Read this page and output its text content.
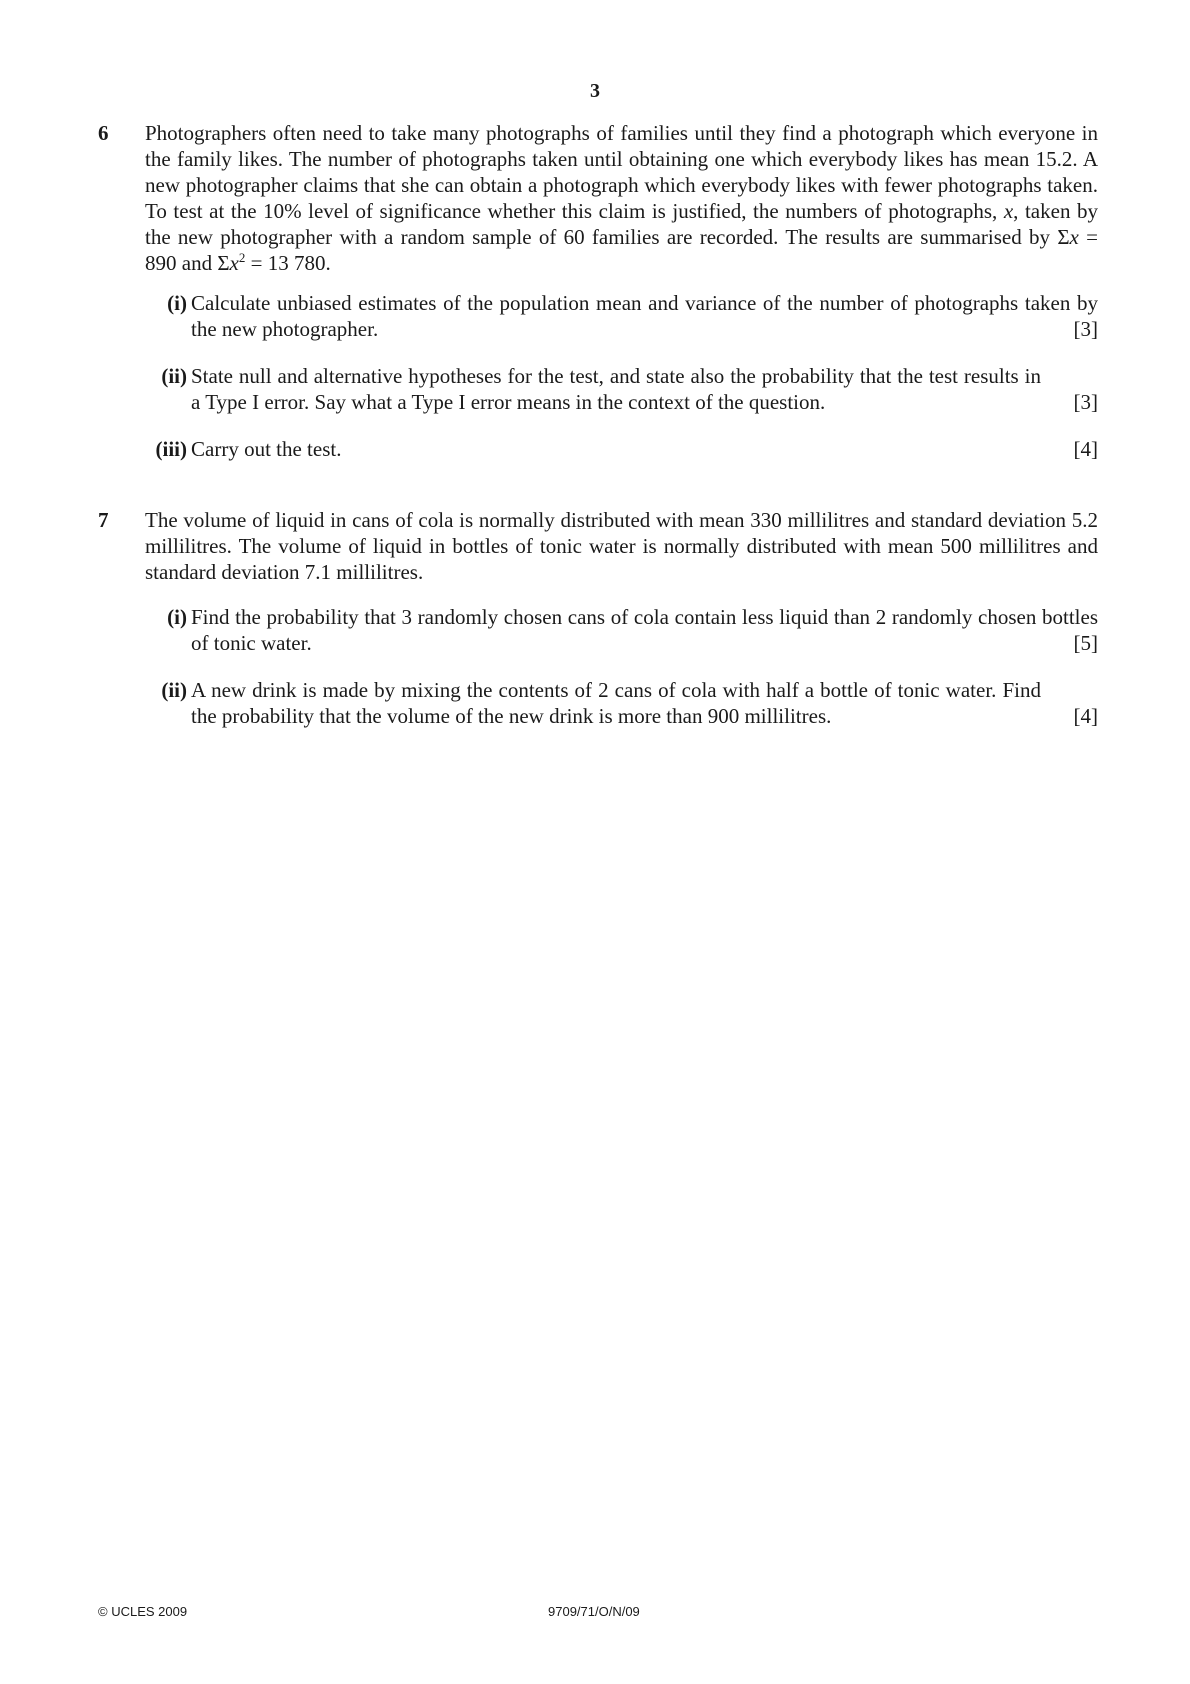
3
6 Photographers often need to take many photographs of families until they find a photograph which everyone in the family likes. The number of photographs taken until obtaining one which everybody likes has mean 15.2. A new photographer claims that she can obtain a photograph which everybody likes with fewer photographs taken. To test at the 10% level of significance whether this claim is justified, the numbers of photographs, x, taken by the new photographer with a random sample of 60 families are recorded. The results are summarised by Σx = 890 and $\Sigma x^2 = 13$ 780.
(i) Calculate unbiased estimates of the population mean and variance of the number of photographs taken by the new photographer.	[3]
(ii) State null and alternative hypotheses for the test, and state also the probability that the test results in a Type I error. Say what a Type I error means in the context of the question.	[3]
(iii) Carry out the test.	[4]
7 The volume of liquid in cans of cola is normally distributed with mean 330 millilitres and standard deviation 5.2 millilitres. The volume of liquid in bottles of tonic water is normally distributed with mean 500 millilitres and standard deviation 7.1 millilitres.
(i) Find the probability that 3 randomly chosen cans of cola contain less liquid than 2 randomly chosen bottles of tonic water.	[5]
(ii) A new drink is made by mixing the contents of 2 cans of cola with half a bottle of tonic water. Find the probability that the volume of the new drink is more than 900 millilitres.	[4]
© UCLES 2009	9709/71/O/N/09
